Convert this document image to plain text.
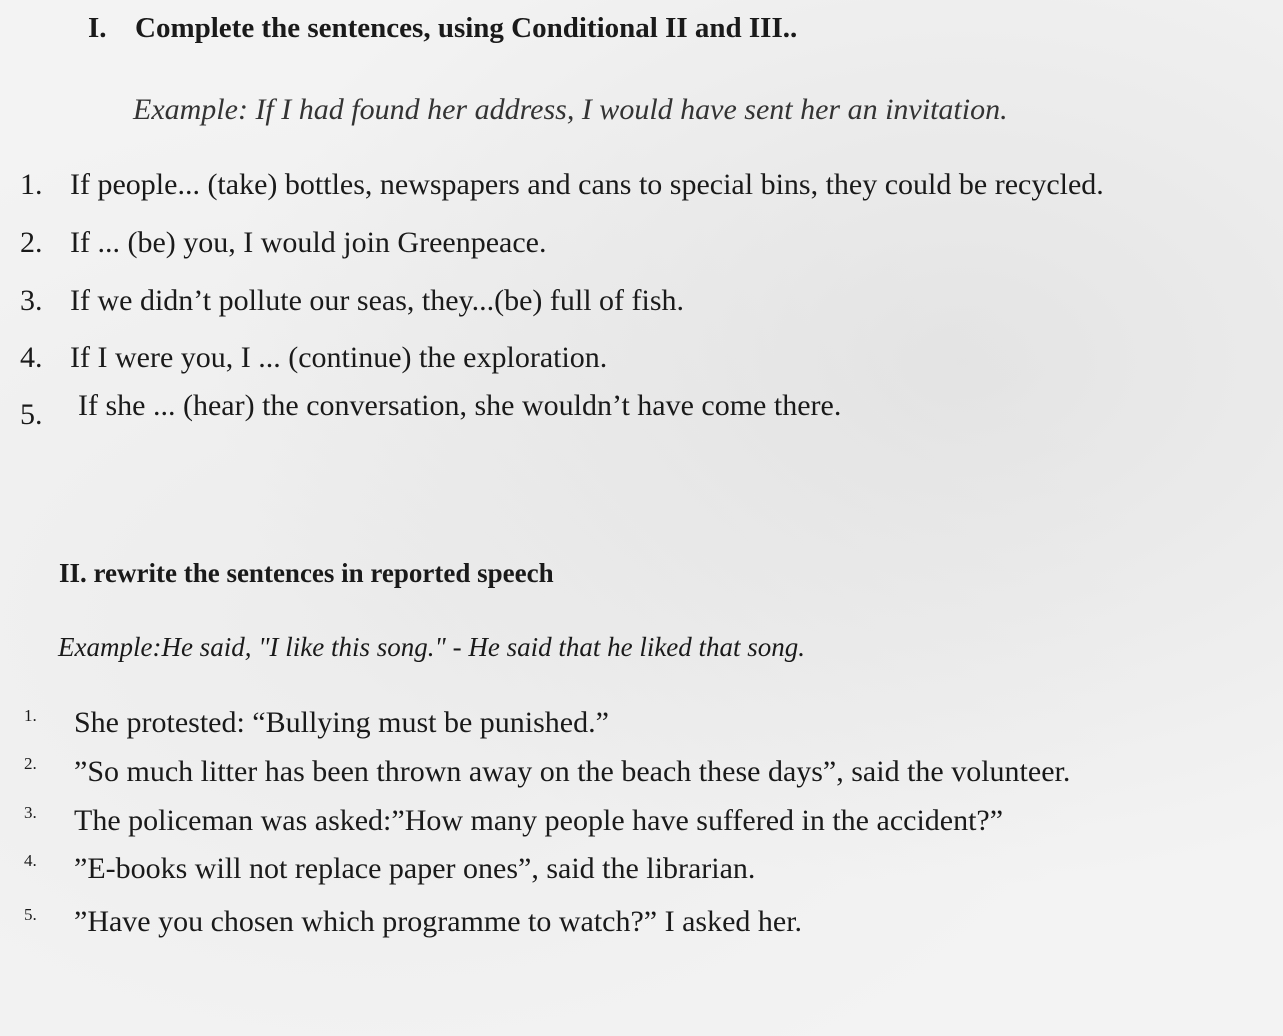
I. Complete the sentences, using Conditional II and III..
Example: If I had found her address, I would have sent her an invitation.
1. If people... (take) bottles, newspapers and cans to special bins, they could be recycled.
2. If ... (be) you, I would join Greenpeace.
3. If we didn’t pollute our seas, they...(be) full of fish.
4. If I were you, I ... (continue) the exploration.
5. If she ... (hear) the conversation, she wouldn’t have come there.
II. rewrite the sentences in reported speech
Example:He said, "I like this song." - He said that he liked that song.
1. She protested: “Bullying must be punished.”
2. ”So much litter has been thrown away on the beach these days”, said the volunteer.
3. The policeman was asked:”How many people have suffered in the accident?”
4. ”E-books will not replace paper ones”, said the librarian.
5. ”Have you chosen which programme to watch?” I asked her.
